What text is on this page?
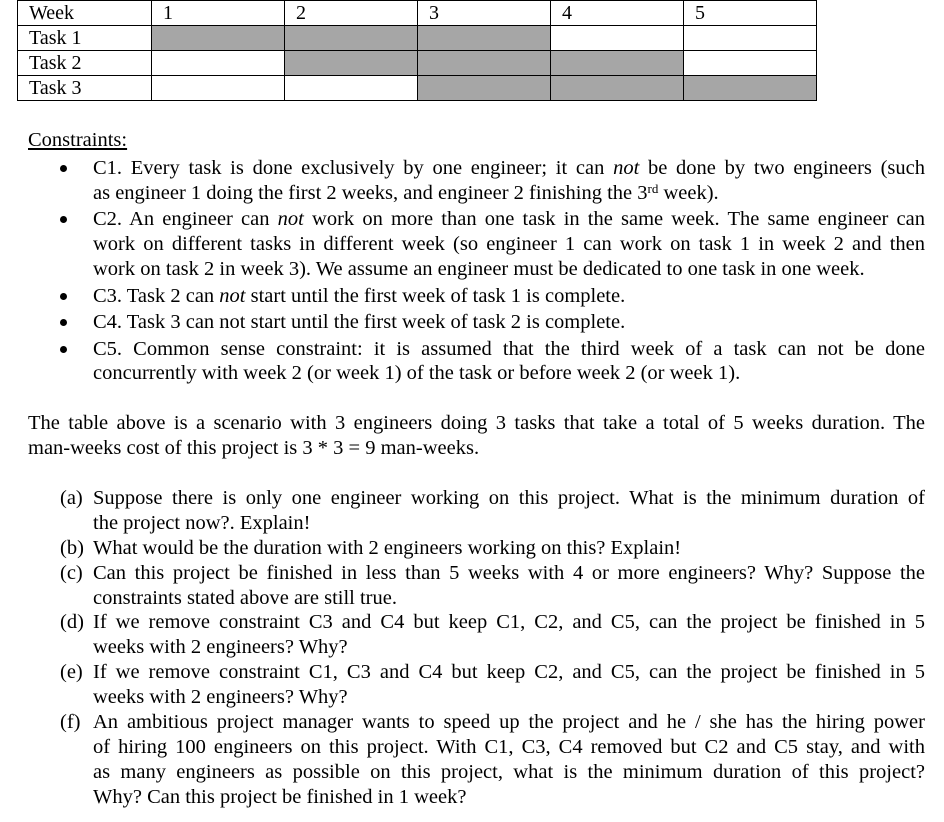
Week	1	2	3	4	5
Task 1					
Task 2					
Task 3					
Constraints:
C1. Every task is done exclusively by one engineer; it can not be done by two engineers (such
as engineer 1 doing the first 2 weeks, and engineer 2 finishing the 3rd week).
C2. An engineer can not work on more than one task in the same week. The same engineer can
work on different tasks in different week (so engineer 1 can work on task 1 in week 2 and then
work on task 2 in week 3). We assume an engineer must be dedicated to one task in one week.
C3. Task 2 can not start until the first week of task 1 is complete.
C4. Task 3 can not start until the first week of task 2 is complete.
C5. Common sense constraint: it is assumed that the third week of a task can not be done
concurrently with week 2 (or week 1) of the task or before week 2 (or week 1).
The table above is a scenario with 3 engineers doing 3 tasks that take a total of 5 weeks duration. The
man-weeks cost of this project is 3 * 3 = 9 man-weeks.
(a) Suppose there is only one engineer working on this project. What is the minimum duration of
the project now?. Explain!
(b) What would be the duration with 2 engineers working on this? Explain!
(c) Can this project be finished in less than 5 weeks with 4 or more engineers? Why? Suppose the
constraints stated above are still true.
(d) If we remove constraint C3 and C4 but keep C1, C2, and C5, can the project be finished in 5
weeks with 2 engineers? Why?
(e) If we remove constraint C1, C3 and C4 but keep C2, and C5, can the project be finished in 5
weeks with 2 engineers? Why?
(f) An ambitious project manager wants to speed up the project and he / she has the hiring power
of hiring 100 engineers on this project. With C1, C3, C4 removed but C2 and C5 stay, and with
as many engineers as possible on this project, what is the minimum duration of this project?
Why? Can this project be finished in 1 week?
